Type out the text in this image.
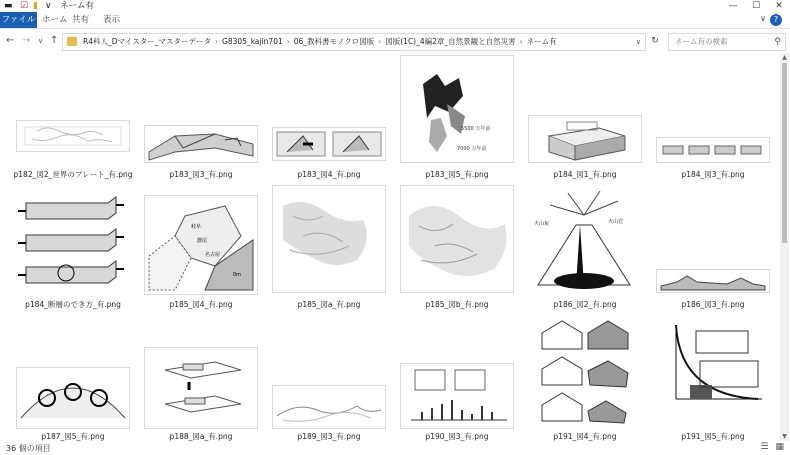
▬ ☑ ▮ ∨ ネーム有	—	☐	✕
ファイル ホーム 共有 表示	∨ ?
← → ∨ ↑	R4科人_Dマイスター_マスターデータ › G8305_kajin701 › 06_教科書モノクロ図版 › 図版(1C)_4編2章_自然景観と自然災害 › ネーム有	∨	↻	ネーム有の検索	⚲
p182_図2_世界のプレート_有.png	p183_図3_有.png	p183_図4_有.png
5500 万年前
7000 万年前
p183_図5_有.png	p184_図1_有.png	p184_図3_有.png
p184_断層のでき方_有.png
岐阜
濃尾
名古屋
0m
p185_図4_有.png	p185_図a_有.png	p185_図b_有.png
火山灰	火山岩
p186_図2_有.png	p186_図3_有.png
p187_図5_有.png	p188_図a_有.png	p189_図3_有.png	p190_図3_有.png	p191_図4_有.png	p191_図5_有.png
▲
▼
36 個の項目	☰ ▦
